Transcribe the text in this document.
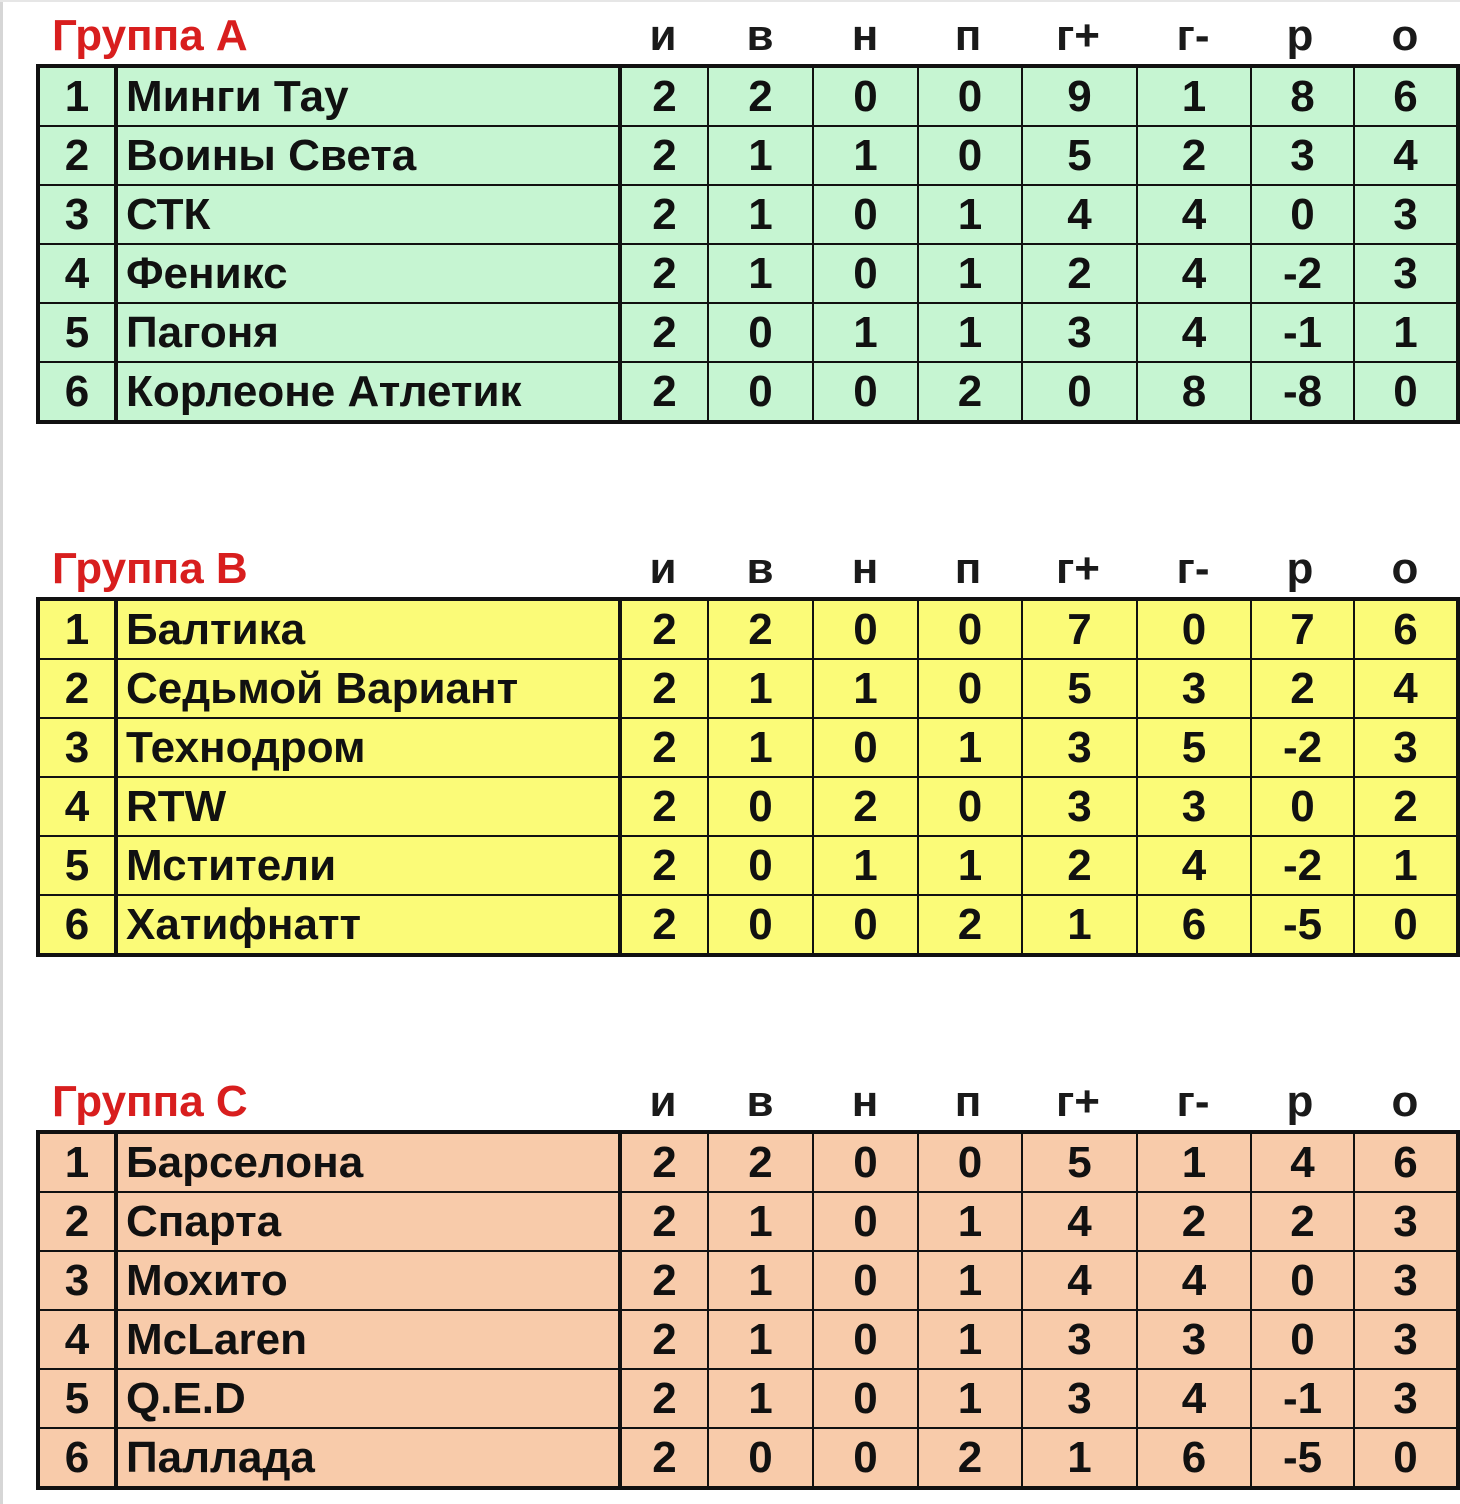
Группа A	и в н п г+ г- р о
1	Минги Тау	2	2	0	0	9	1	8	6
2	Воины Света	2	1	1	0	5	2	3	4
3	СТК	2	1	0	1	4	4	0	3
4	Феникс	2	1	0	1	2	4	-2	3
5	Пагоня	2	0	1	1	3	4	-1	1
6	Корлеоне Атлетик	2	0	0	2	0	8	-8	0
Группа B	и в н п г+ г- р о
1	Балтика	2	2	0	0	7	0	7	6
2	Седьмой Вариант	2	1	1	0	5	3	2	4
3	Технодром	2	1	0	1	3	5	-2	3
4	RTW	2	0	2	0	3	3	0	2
5	Мстители	2	0	1	1	2	4	-2	1
6	Хатифнатт	2	0	0	2	1	6	-5	0
Группа C	и в н п г+ г- р о
1	Барселона	2	2	0	0	5	1	4	6
2	Спарта	2	1	0	1	4	2	2	3
3	Мохито	2	1	0	1	4	4	0	3
4	McLaren	2	1	0	1	3	3	0	3
5	Q.E.D	2	1	0	1	3	4	-1	3
6	Паллада	2	0	0	2	1	6	-5	0
